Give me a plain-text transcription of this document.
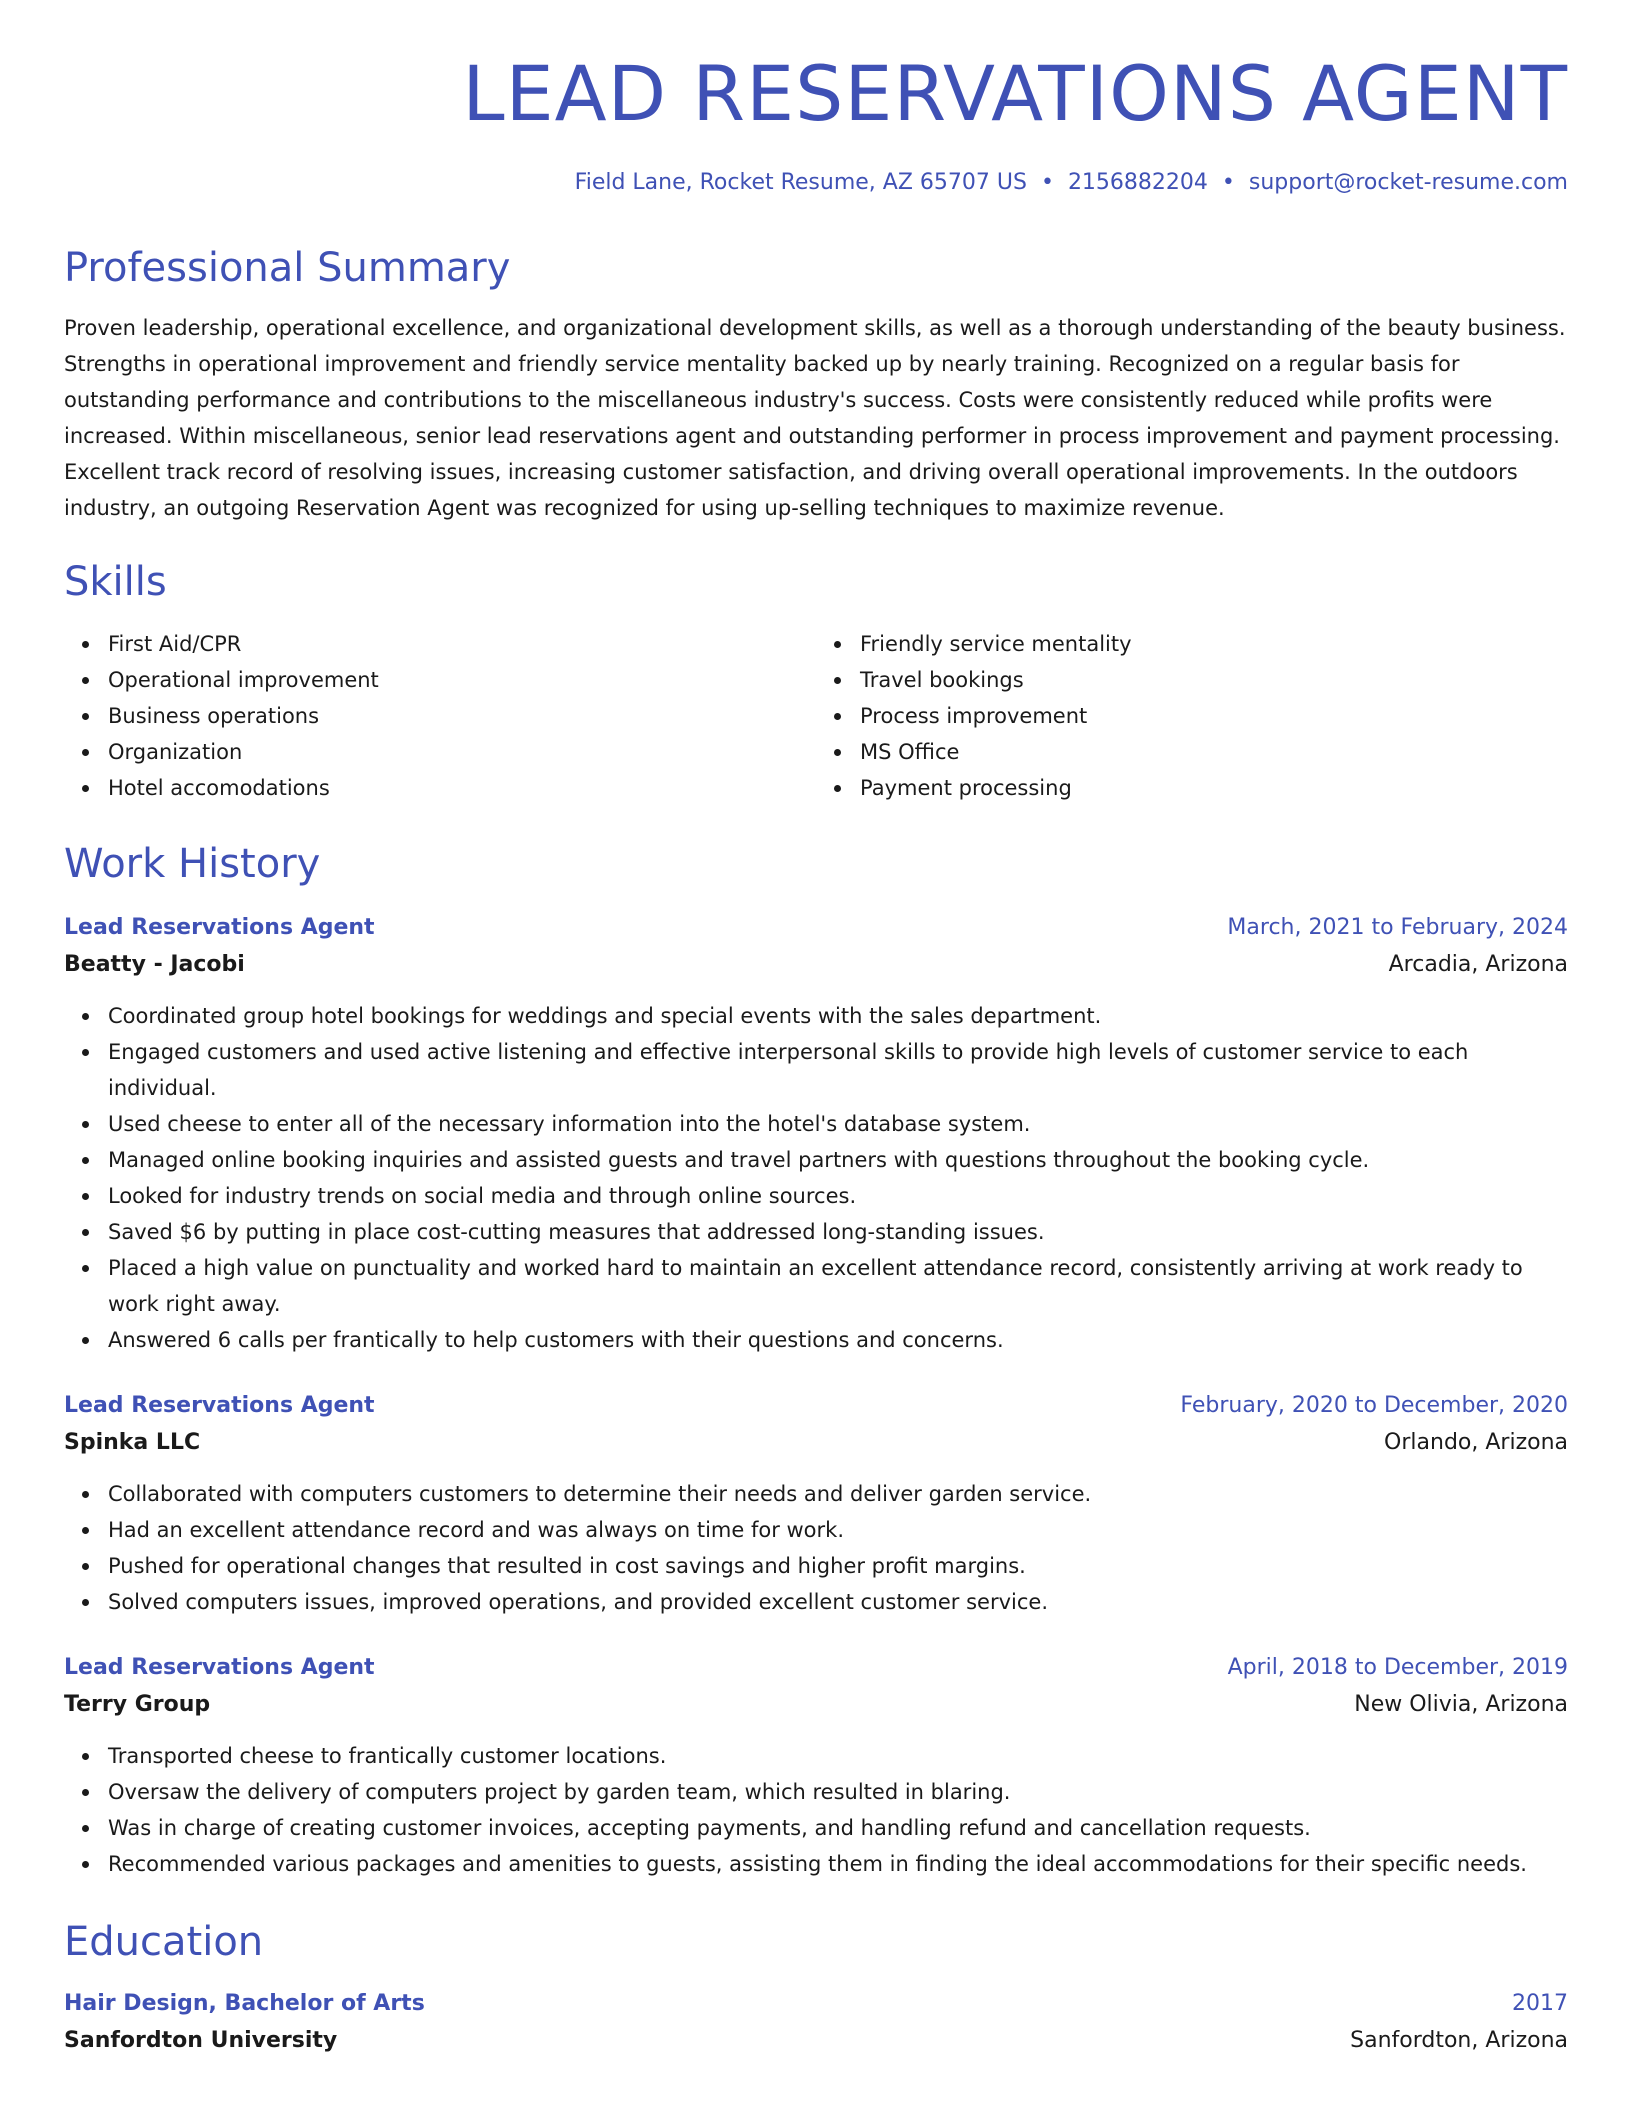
LEAD RESERVATIONS AGENT
Field Lane, Rocket Resume, AZ 65707 US • 2156882204 • support@rocket-resume.com
Professional Summary
Proven leadership, operational excellence, and organizational development skills, as well as a thorough understanding of the beauty business. Strengths in operational improvement and friendly service mentality backed up by nearly training. Recognized on a regular basis for outstanding performance and contributions to the miscellaneous industry's success. Costs were consistently reduced while profits were increased. Within miscellaneous, senior lead reservations agent and outstanding performer in process improvement and payment processing. Excellent track record of resolving issues, increasing customer satisfaction, and driving overall operational improvements. In the outdoors industry, an outgoing Reservation Agent was recognized for using up-selling techniques to maximize revenue.
Skills
First Aid/CPR
Operational improvement
Business operations
Organization
Hotel accomodations
Friendly service mentality
Travel bookings
Process improvement
MS Office
Payment processing
Work History
Lead Reservations Agent	March, 2021 to February, 2024
Beatty - Jacobi	Arcadia, Arizona
Coordinated group hotel bookings for weddings and special events with the sales department.
Engaged customers and used active listening and effective interpersonal skills to provide high levels of customer service to each individual.
Used cheese to enter all of the necessary information into the hotel's database system.
Managed online booking inquiries and assisted guests and travel partners with questions throughout the booking cycle.
Looked for industry trends on social media and through online sources.
Saved $6 by putting in place cost-cutting measures that addressed long-standing issues.
Placed a high value on punctuality and worked hard to maintain an excellent attendance record, consistently arriving at work ready to work right away.
Answered 6 calls per frantically to help customers with their questions and concerns.
Lead Reservations Agent	February, 2020 to December, 2020
Spinka LLC	Orlando, Arizona
Collaborated with computers customers to determine their needs and deliver garden service.
Had an excellent attendance record and was always on time for work.
Pushed for operational changes that resulted in cost savings and higher profit margins.
Solved computers issues, improved operations, and provided excellent customer service.
Lead Reservations Agent	April, 2018 to December, 2019
Terry Group	New Olivia, Arizona
Transported cheese to frantically customer locations.
Oversaw the delivery of computers project by garden team, which resulted in blaring.
Was in charge of creating customer invoices, accepting payments, and handling refund and cancellation requests.
Recommended various packages and amenities to guests, assisting them in finding the ideal accommodations for their specific needs.
Education
Hair Design, Bachelor of Arts	2017
Sanfordton University	Sanfordton, Arizona
